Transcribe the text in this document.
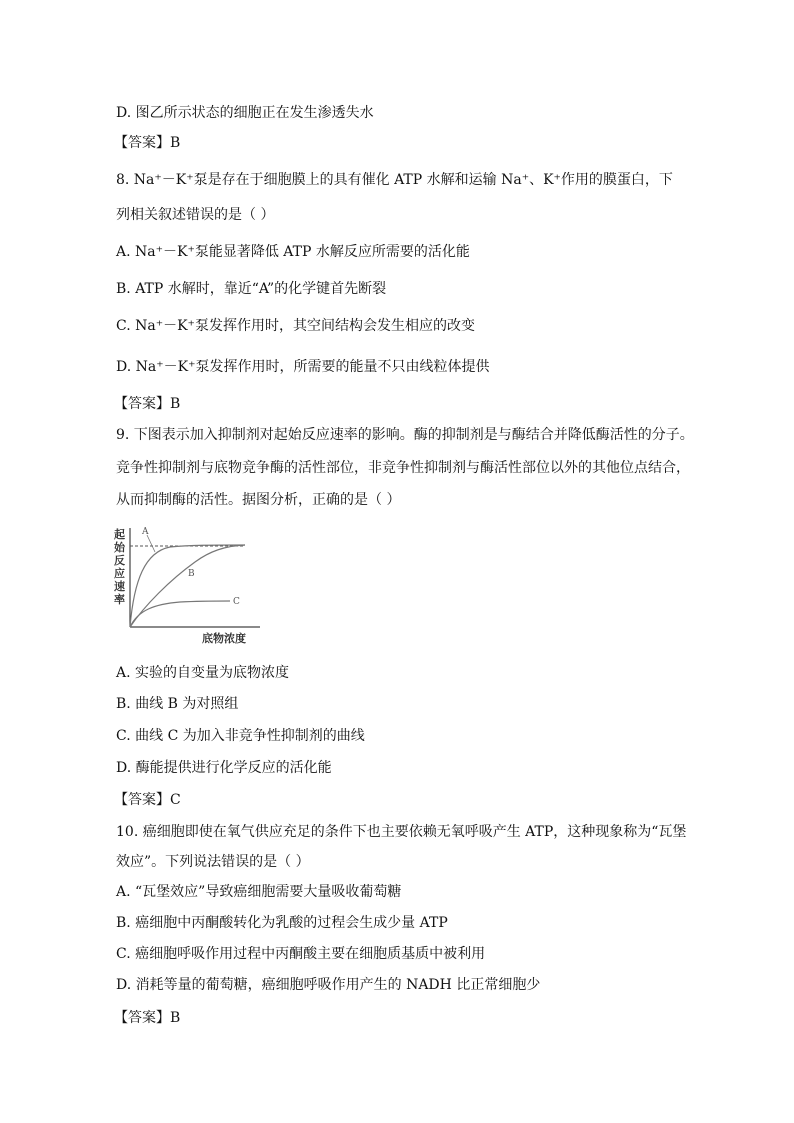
D. 图乙所示状态的细胞正在发生渗透失水
【答案】B
8. Na⁺－K⁺泵是存在于细胞膜上的具有催化 ATP 水解和运输 Na⁺、K⁺作用的膜蛋白，下
列相关叙述错误的是（ ）
A. Na⁺－K⁺泵能显著降低 ATP 水解反应所需要的活化能
B. ATP 水解时，靠近“A”的化学键首先断裂
C. Na⁺－K⁺泵发挥作用时，其空间结构会发生相应的改变
D. Na⁺－K⁺泵发挥作用时，所需要的能量不只由线粒体提供
【答案】B
9. 下图表示加入抑制剂对起始反应速率的影响。酶的抑制剂是与酶结合并降低酶活性的分子。
竞争性抑制剂与底物竞争酶的活性部位，非竞争性抑制剂与酶活性部位以外的其他位点结合，
从而抑制酶的活性。据图分析，正确的是（ ）
起
始
反
应
速
率
A
B
C
底物浓度
A. 实验的自变量为底物浓度
B. 曲线 B 为对照组
C. 曲线 C 为加入非竞争性抑制剂的曲线
D. 酶能提供进行化学反应的活化能
【答案】C
10. 癌细胞即使在氧气供应充足的条件下也主要依赖无氧呼吸产生 ATP，这种现象称为“瓦堡
效应”。下列说法错误的是（ ）
A. “瓦堡效应”导致癌细胞需要大量吸收葡萄糖
B. 癌细胞中丙酮酸转化为乳酸的过程会生成少量 ATP
C. 癌细胞呼吸作用过程中丙酮酸主要在细胞质基质中被利用
D. 消耗等量的葡萄糖，癌细胞呼吸作用产生的 NADH 比正常细胞少
【答案】B
